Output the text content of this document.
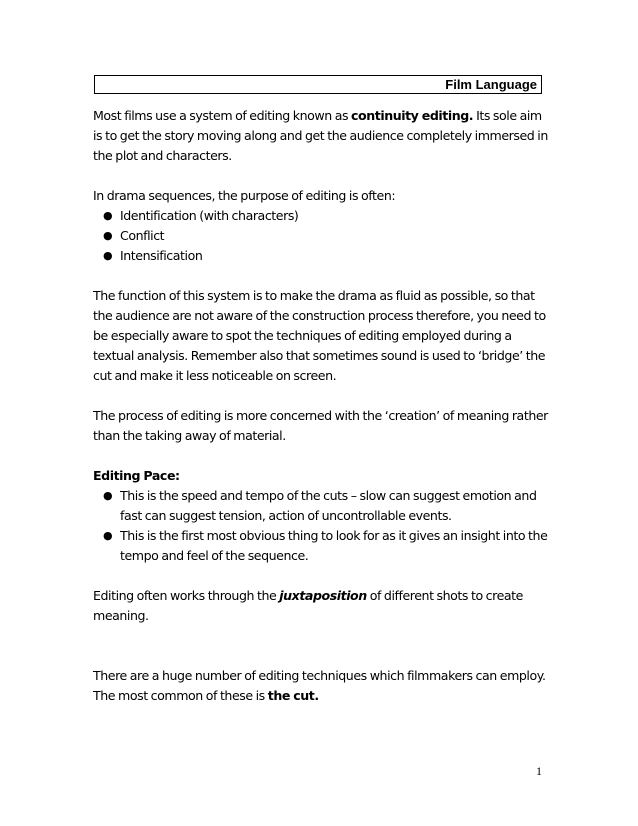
Film Language

Most films use a system of editing known as continuity editing. Its sole aim is to get the story moving along and get the audience completely immersed in the plot and characters.

In drama sequences, the purpose of editing is often:

● Identification (with characters)
● Conflict
● Intensification

The function of this system is to make the drama as fluid as possible, so that the audience are not aware of the construction process therefore, you need to be especially aware to spot the techniques of editing employed during a textual analysis. Remember also that sometimes sound is used to ‘bridge’ the cut and make it less noticeable on screen.

The process of editing is more concerned with the ‘creation’ of meaning rather than the taking away of material.

Editing Pace:

● This is the speed and tempo of the cuts – slow can suggest emotion and fast can suggest tension, action of uncontrollable events.
● This is the first most obvious thing to look for as it gives an insight into the tempo and feel of the sequence.

Editing often works through the juxtaposition of different shots to create meaning.

There are a huge number of editing techniques which filmmakers can employ.

The most common of these is the cut.

1
